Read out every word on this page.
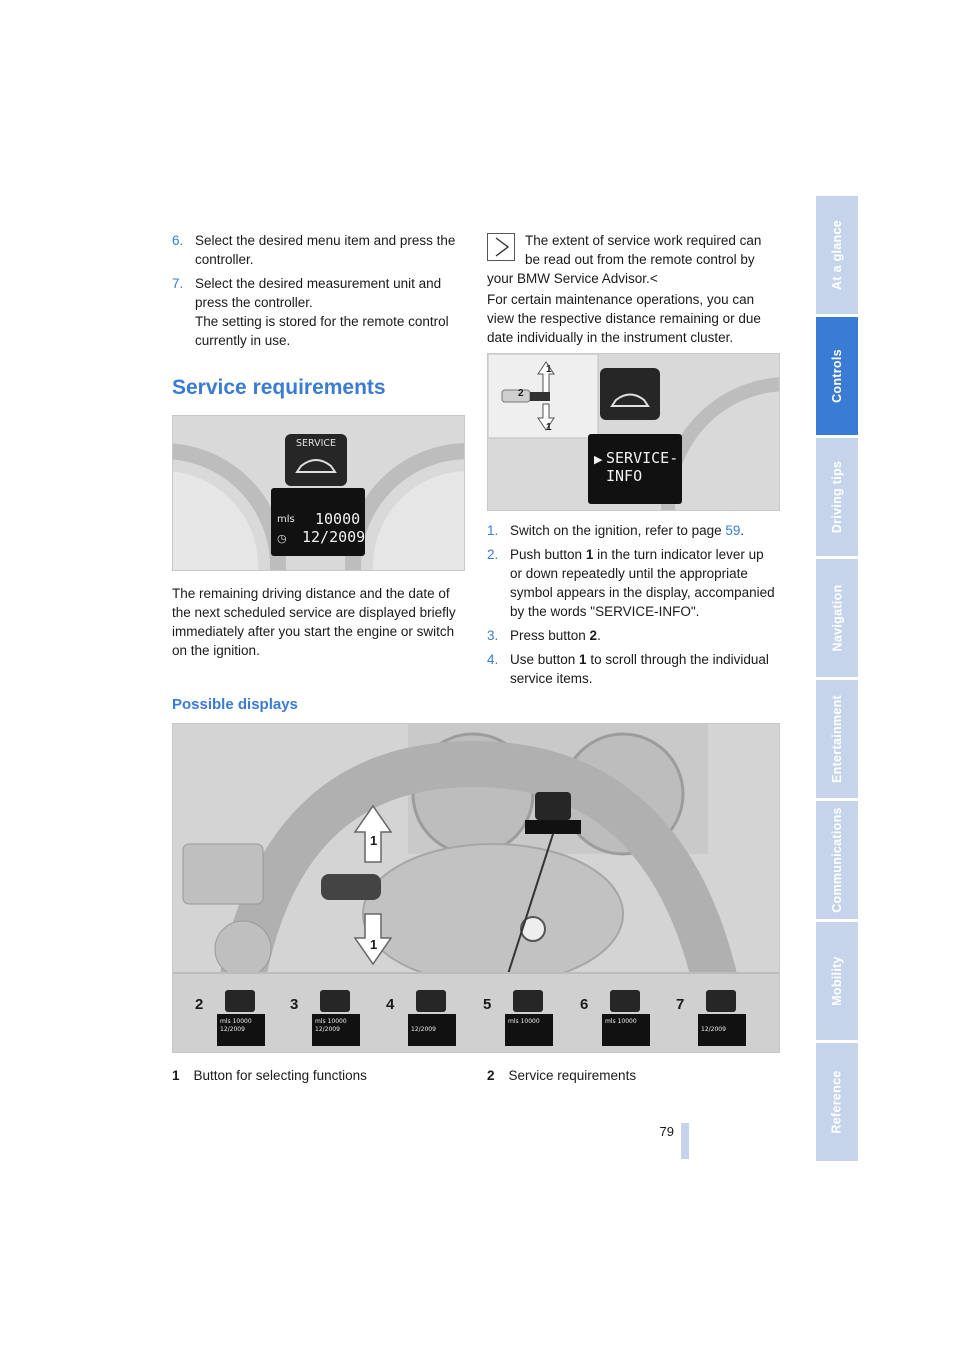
At a glance
Controls
Driving tips
Navigation
Entertainment
Communications
Mobility
Reference
6. Select the desired menu item and press the controller.
7. Select the desired measurement unit and press the controller.
The setting is stored for the remote control currently in use.
Service requirements
SERVICE
mls 10000
◷ 12/2009

The remaining driving distance and the date of the next scheduled service are displayed briefly immediately after you start the engine or switch on the ignition.

The extent of service work required can be read out from the remote control by your BMW Service Advisor.<

For certain maintenance operations, you can view the respective distance remaining or due date individually in the instrument cluster.

1
2
1
▶ SERVICE-
INFO
1. Switch on the ignition, refer to page 59.
2. Push button 1 in the turn indicator lever up or down repeatedly until the appropriate symbol appears in the display, accompanied by the words "SERVICE-INFO".
3. Press button 2.
4. Use button 1 to scroll through the individual service items.
Possible displays
1
1
2
mls 10000
12/2009
3
mls 10000
12/2009
4

12/2009
5
mls 10000

6
mls 10000

7

12/2009
1 Button for selecting functions	2 Service requirements
79
